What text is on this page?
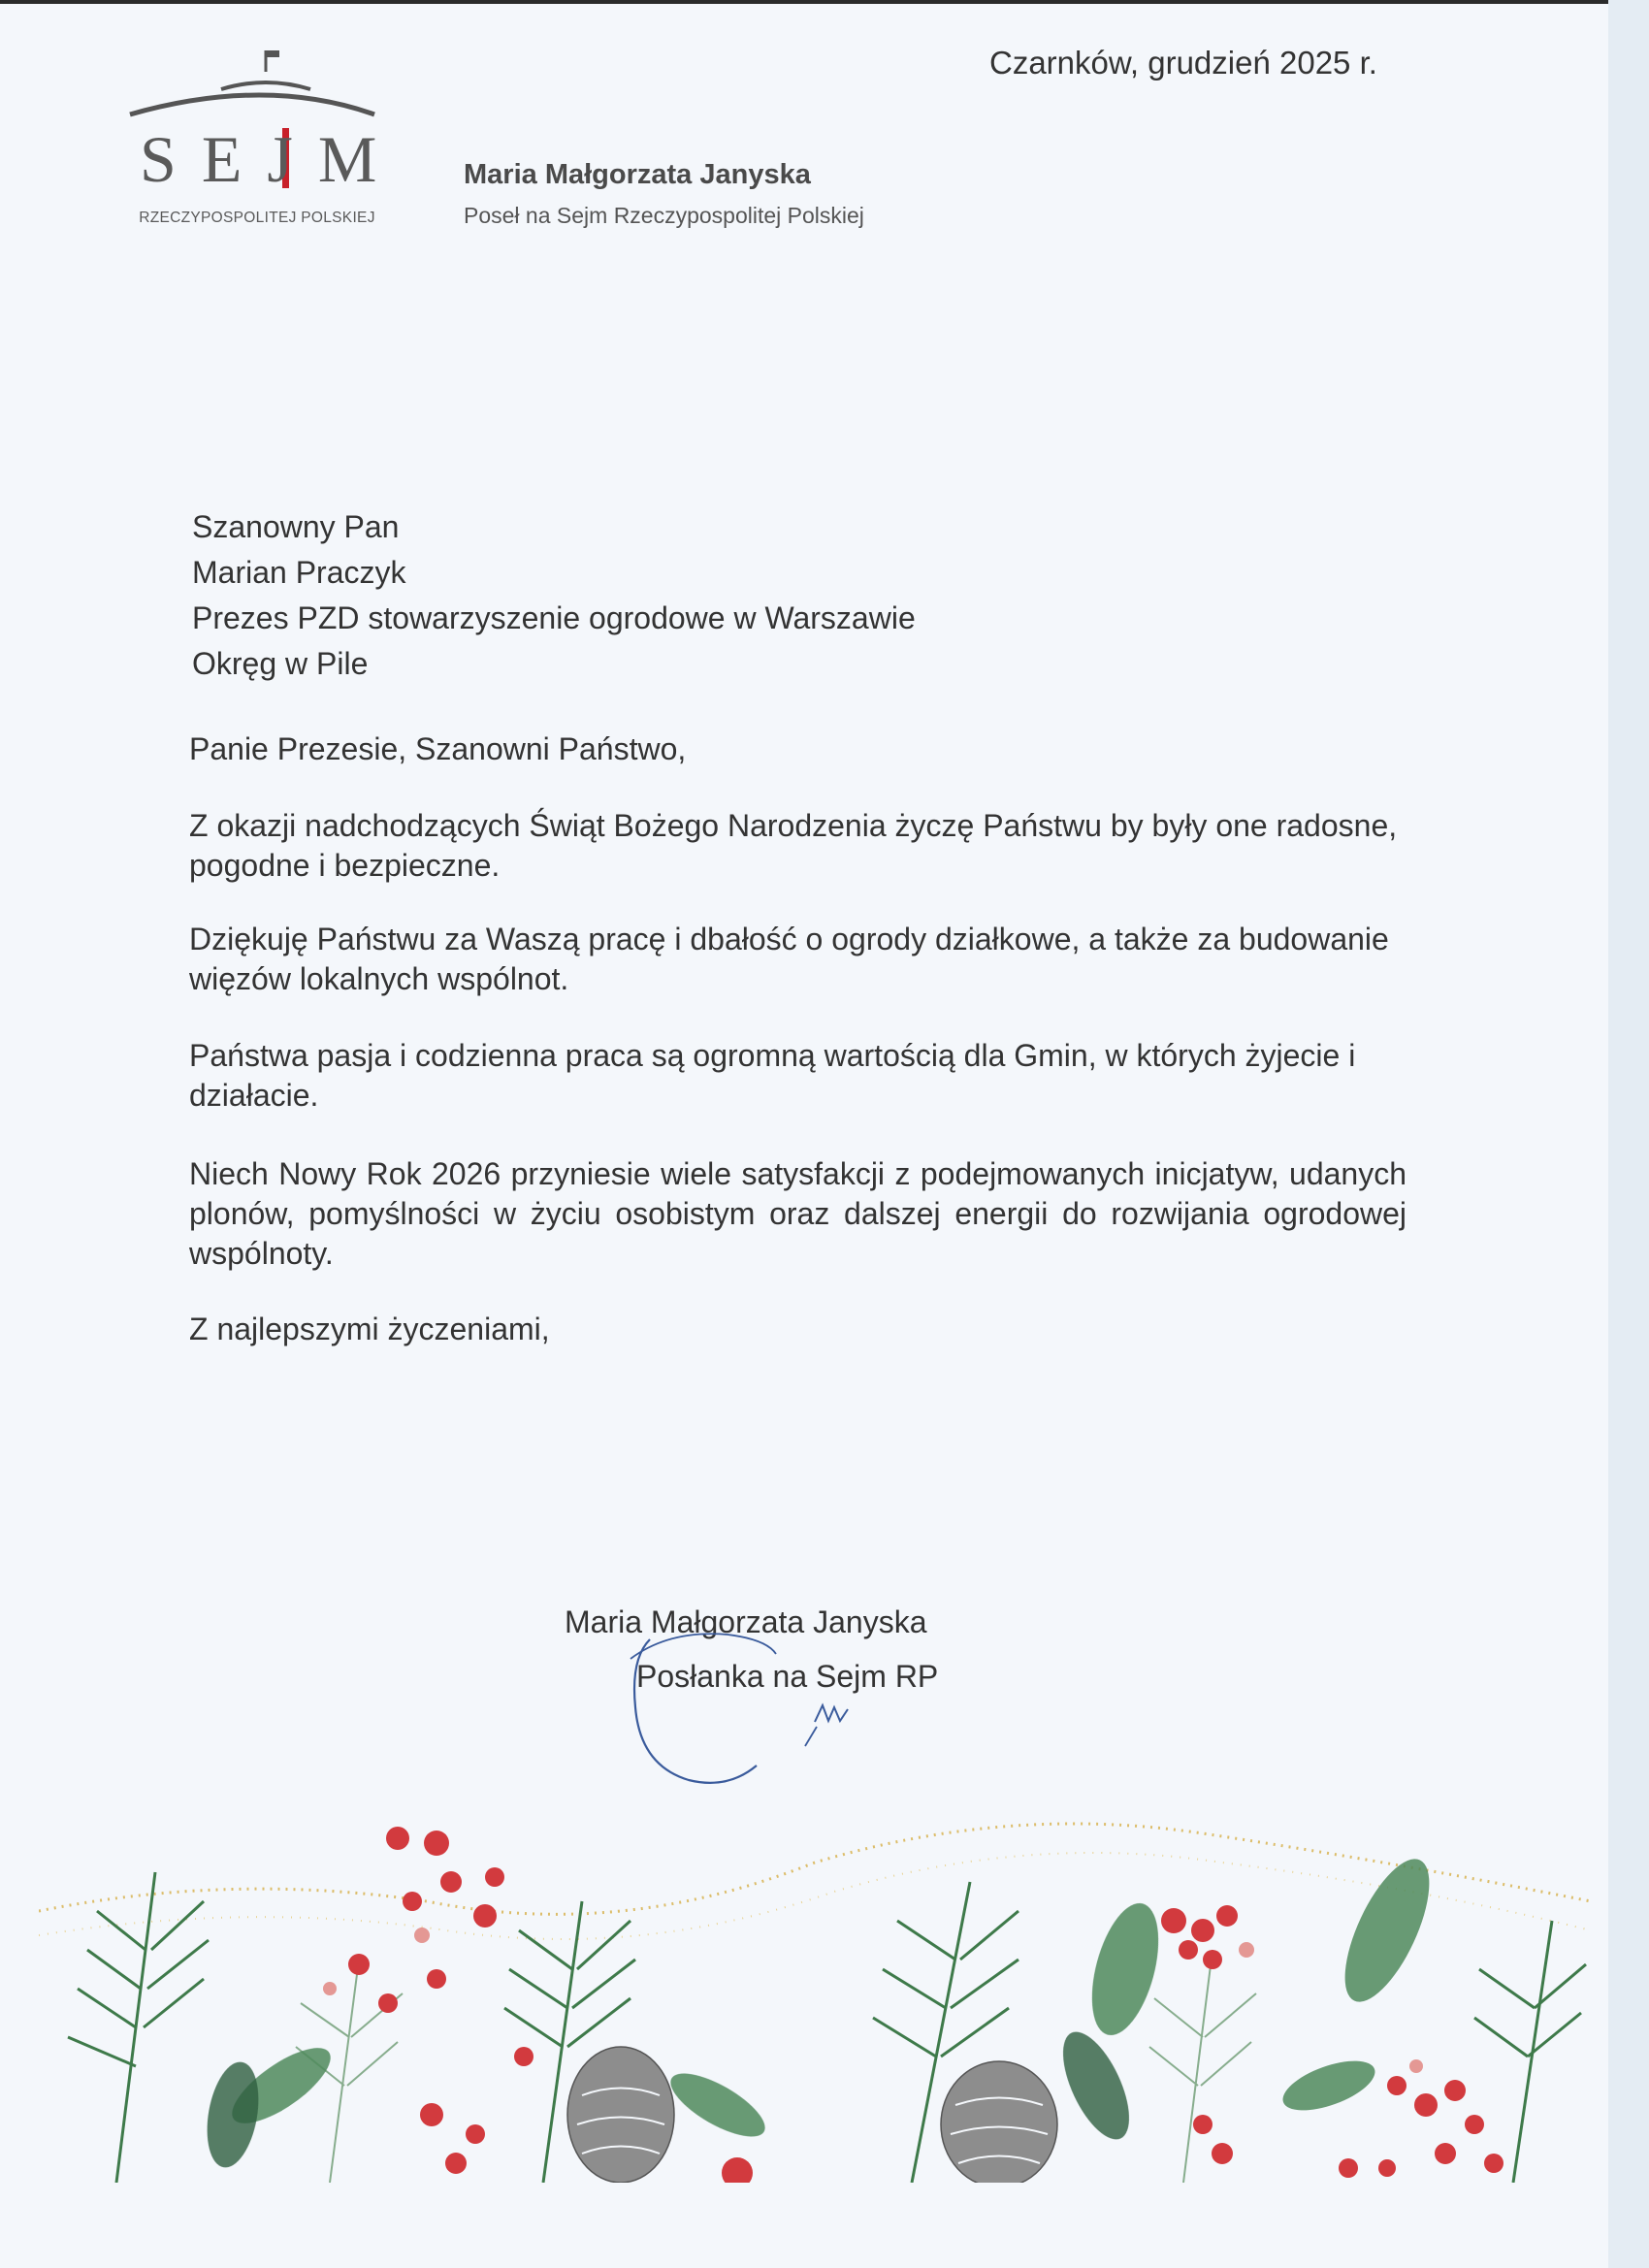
SEJM
RZECZYPOSPOLITEJ POLSKIEJ
Maria Małgorzata Janyska
Poseł na Sejm Rzeczypospolitej Polskiej
Czarnków, grudzień 2025 r.
Szanowny Pan
Marian Praczyk
Prezes PZD stowarzyszenie ogrodowe w Warszawie
Okręg w Pile
Panie Prezesie, Szanowni Państwo,
Z okazji nadchodzących Świąt Bożego Narodzenia życzę Państwu by były one radosne, pogodne i bezpieczne.
Dziękuję Państwu za Waszą pracę i dbałość o ogrody działkowe, a także za budowanie więzów lokalnych wspólnot.
Państwa pasja i codzienna praca są ogromną wartością dla Gmin, w których żyjecie i działacie.
Niech Nowy Rok 2026 przyniesie wiele satysfakcji z podejmowanych inicjatyw, udanych plonów, pomyślności w życiu osobistym oraz dalszej energii do rozwijania ogrodowej wspólnoty.
Z najlepszymi życzeniami,
Maria Małgorzata Janyska
Posłanka na Sejm RP
